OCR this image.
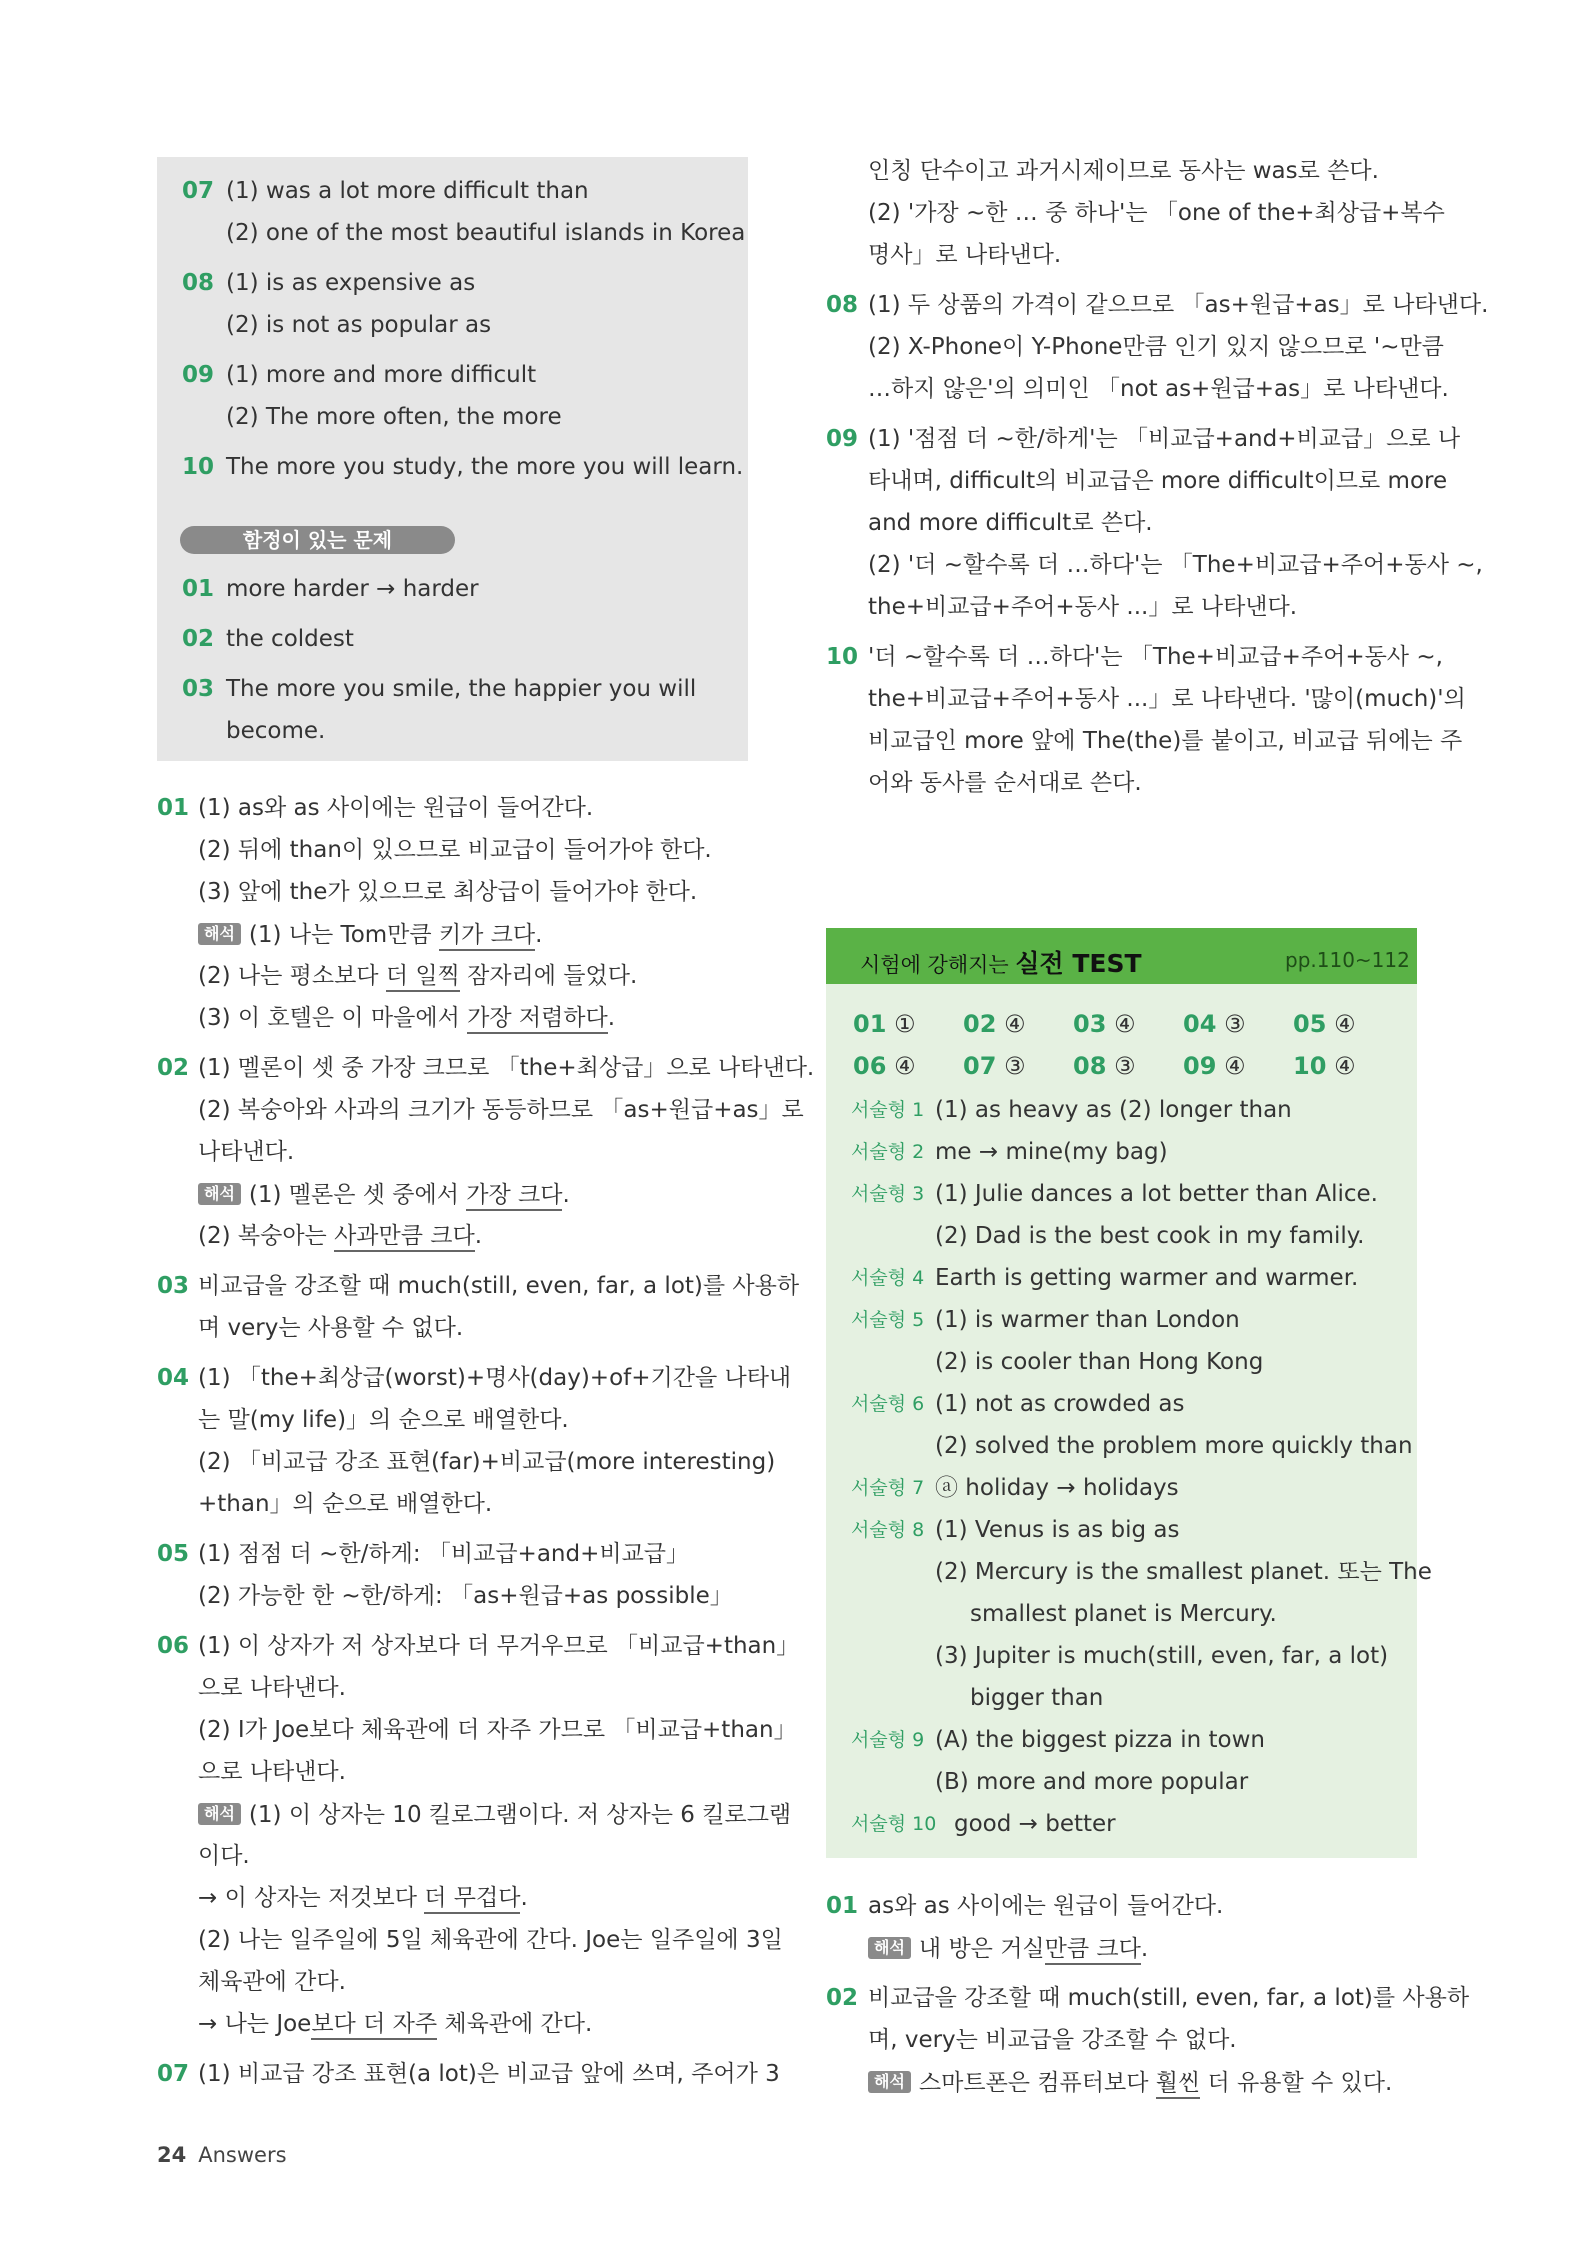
07 (1) was a lot more difficult than
(2) one of the most beautiful islands in Korea
08 (1) is as expensive as
(2) is not as popular as
09 (1) more and more difficult
(2) The more often, the more
10 The more you study, the more you will learn.
함정이 있는 문제
01 more harder → harder
02 the coldest
03 The more you smile, the happier you will
become.
01 (1) as와 as 사이에는 원급이 들어간다.
(2) 뒤에 than이 있으므로 비교급이 들어가야 한다.
(3) 앞에 the가 있으므로 최상급이 들어가야 한다.
해석 (1) 나는 Tom만큼 키가 크다.
(2) 나는 평소보다 더 일찍 잠자리에 들었다.
(3) 이 호텔은 이 마을에서 가장 저렴하다.
02 (1) 멜론이 셋 중 가장 크므로 「the+최상급」으로 나타낸다.
(2) 복숭아와 사과의 크기가 동등하므로 「as+원급+as」로
나타낸다.
해석 (1) 멜론은 셋 중에서 가장 크다.
(2) 복숭아는 사과만큼 크다.
03 비교급을 강조할 때 much(still, even, far, a lot)를 사용하
며 very는 사용할 수 없다.
04 (1) 「the+최상급(worst)+명사(day)+of+기간을 나타내
는 말(my life)」의 순으로 배열한다.
(2) 「비교급 강조 표현(far)+비교급(more interesting)
+than」의 순으로 배열한다.
05 (1) 점점 더 ~한/하게: 「비교급+and+비교급」
(2) 가능한 한 ~한/하게: 「as+원급+as possible」
06 (1) 이 상자가 저 상자보다 더 무거우므로 「비교급+than」
으로 나타낸다.
(2) I가 Joe보다 체육관에 더 자주 가므로 「비교급+than」
으로 나타낸다.
해석 (1) 이 상자는 10 킬로그램이다. 저 상자는 6 킬로그램
이다.
→ 이 상자는 저것보다 더 무겁다.
(2) 나는 일주일에 5일 체육관에 간다. Joe는 일주일에 3일
체육관에 간다.
→ 나는 Joe보다 더 자주 체육관에 간다.
07 (1) 비교급 강조 표현(a lot)은 비교급 앞에 쓰며, 주어가 3
인칭 단수이고 과거시제이므로 동사는 was로 쓴다.
(2) '가장 ~한 … 중 하나'는 「one of the+최상급+복수
명사」로 나타낸다.
08 (1) 두 상품의 가격이 같으므로 「as+원급+as」로 나타낸다.
(2) X-Phone이 Y-Phone만큼 인기 있지 않으므로 '~만큼
…하지 않은'의 의미인 「not as+원급+as」로 나타낸다.
09 (1) '점점 더 ~한/하게'는 「비교급+and+비교급」으로 나
타내며, difficult의 비교급은 more difficult이므로 more
and more difficult로 쓴다.
(2) '더 ~할수록 더 …하다'는 「The+비교급+주어+동사 ~,
the+비교급+주어+동사 ...」로 나타낸다.
10 '더 ~할수록 더 …하다'는 「The+비교급+주어+동사 ~,
the+비교급+주어+동사 ...」로 나타낸다. '많이(much)'의
비교급인 more 앞에 The(the)를 붙이고, 비교급 뒤에는 주
어와 동사를 순서대로 쓴다.
시험에 강해지는 실전 TEST	pp.110~112
01 ① 02 ④ 03 ④ 04 ③ 05 ④
06 ④ 07 ③ 08 ③ 09 ④ 10 ④
서술형 1 (1) as heavy as (2) longer than
서술형 2 me → mine(my bag)
서술형 3 (1) Julie dances a lot better than Alice.
(2) Dad is the best cook in my family.
서술형 4 Earth is getting warmer and warmer.
서술형 5 (1) is warmer than London
(2) is cooler than Hong Kong
서술형 6 (1) not as crowded as
(2) solved the problem more quickly than
서술형 7 ⓐ holiday → holidays
서술형 8 (1) Venus is as big as
(2) Mercury is the smallest planet. 또는 The
smallest planet is Mercury.
(3) Jupiter is much(still, even, far, a lot)
bigger than
서술형 9 (A) the biggest pizza in town
(B) more and more popular
서술형 10 good → better
01 as와 as 사이에는 원급이 들어간다.
해석 내 방은 거실만큼 크다.
02 비교급을 강조할 때 much(still, even, far, a lot)를 사용하
며, very는 비교급을 강조할 수 없다.
해석 스마트폰은 컴퓨터보다 훨씬 더 유용할 수 있다.
24 Answers
